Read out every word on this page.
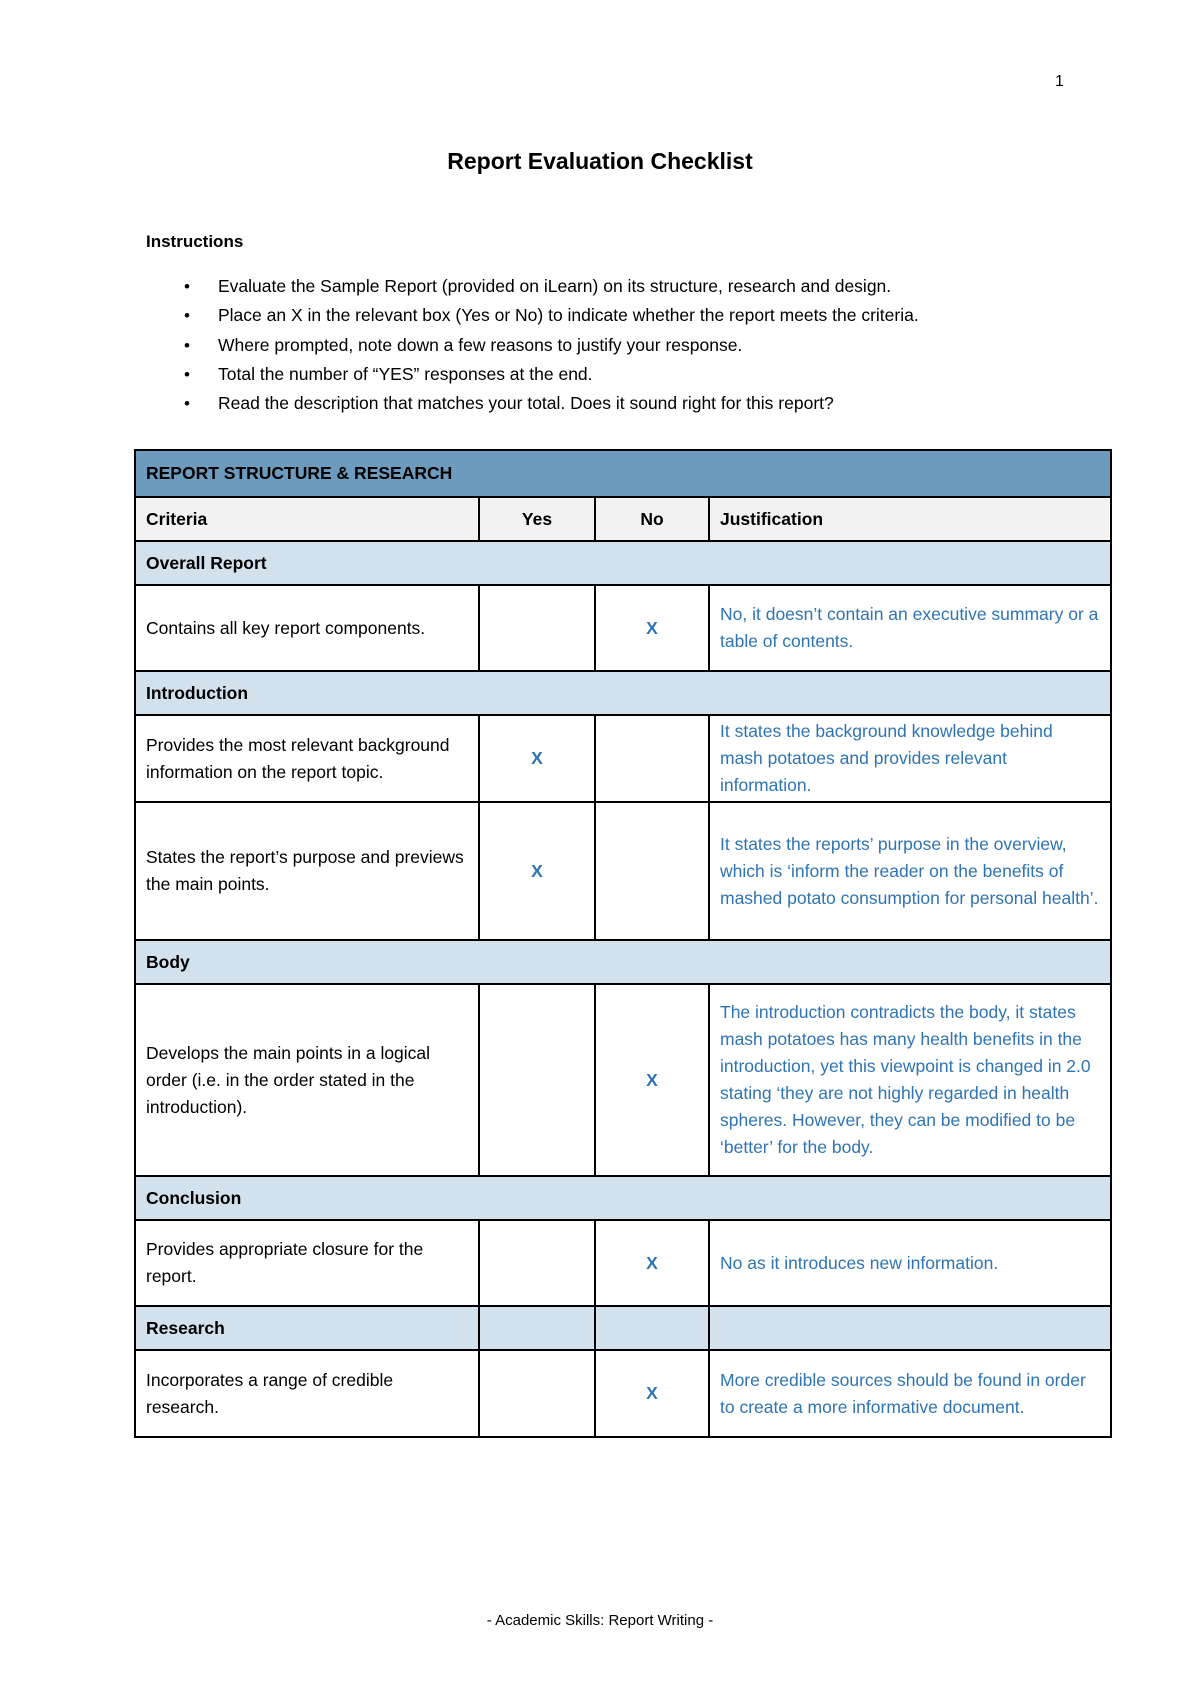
1
Report Evaluation Checklist
Instructions
• Evaluate the Sample Report (provided on iLearn) on its structure, research and design.
• Place an X in the relevant box (Yes or No) to indicate whether the report meets the criteria.
• Where prompted, note down a few reasons to justify your response.
• Total the number of “YES” responses at the end.
• Read the description that matches your total. Does it sound right for this report?
REPORT STRUCTURE & RESEARCH			
Criteria	Yes	No	Justification
Overall Report			
Contains all key report components.		X	No, it doesn’t contain an executive summary or a table of contents.
Introduction			
Provides the most relevant background information on the report topic.	X		It states the background knowledge behind mash potatoes and provides relevant information.
States the report’s purpose and previews the main points.	X		It states the reports’ purpose in the overview, which is ‘inform the reader on the benefits of mashed potato consumption for personal health’.
Body			
Develops the main points in a logical order (i.e. in the order stated in the introduction).		X	The introduction contradicts the body, it states mash potatoes has many health benefits in the introduction, yet this viewpoint is changed in 2.0 stating ‘they are not highly regarded in health spheres. However, they can be modified to be ‘better’ for the body.
Conclusion			
Provides appropriate closure for the report.		X	No as it introduces new information.
Research			
Incorporates a range of credible research.		X	More credible sources should be found in order to create a more informative document.
- Academic Skills: Report Writing -
